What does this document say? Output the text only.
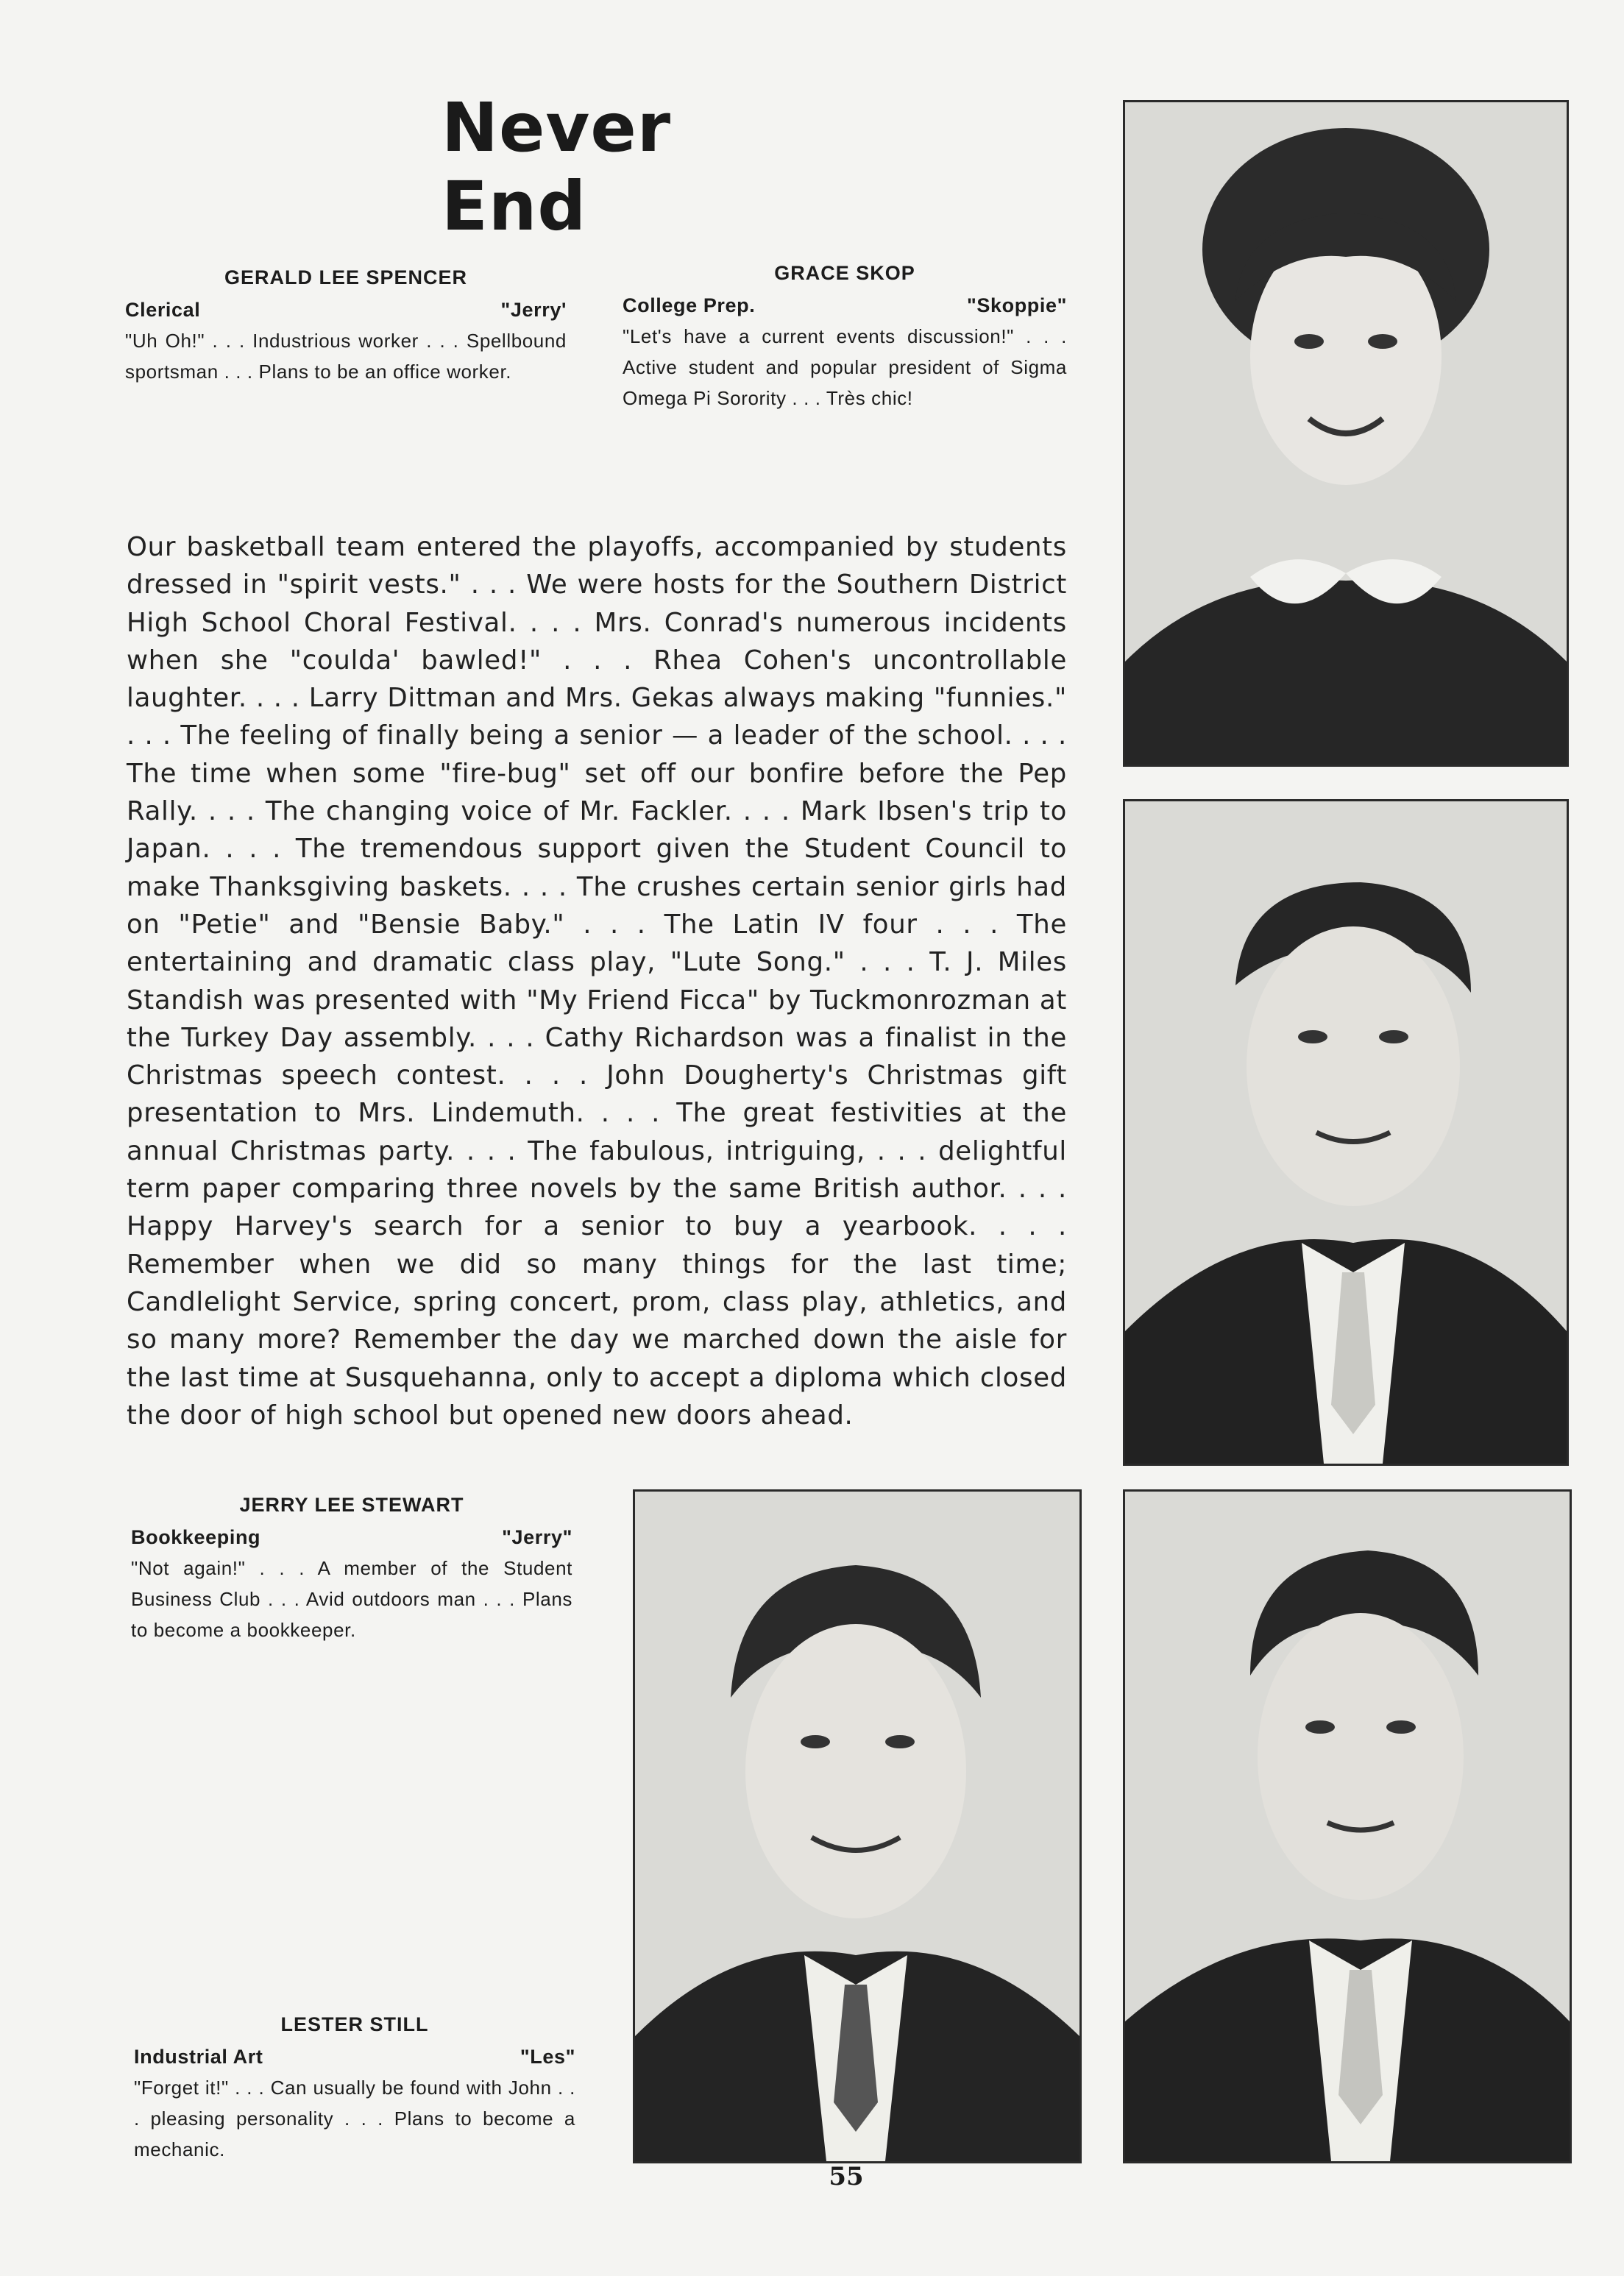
Never End
GERALD LEE SPENCER
Clerical	"Jerry'
"Uh Oh!" . . . Industrious worker . . . Spellbound sportsman . . . Plans to be an office worker.
GRACE SKOP
College Prep.	"Skoppie"
"Let's have a current events discussion!" . . . Active student and popular president of Sigma Omega Pi Sorority . . . Très chic!
Our basketball team entered the playoffs, accompanied by students dressed in "spirit vests." . . . We were hosts for the Southern District High School Choral Festival. . . . Mrs. Conrad's numerous incidents when she "coulda' bawled!" . . . Rhea Cohen's uncontrollable laughter. . . . Larry Dittman and Mrs. Gekas always making "funnies." . . . The feeling of finally being a senior — a leader of the school. . . . The time when some "fire-bug" set off our bonfire before the Pep Rally. . . . The changing voice of Mr. Fackler. . . . Mark Ibsen's trip to Japan. . . . The tremendous support given the Student Council to make Thanksgiving baskets. . . . The crushes certain senior girls had on "Petie" and "Bensie Baby." . . . The Latin IV four . . . The entertaining and dramatic class play, "Lute Song." . . . T. J. Miles Standish was presented with "My Friend Ficca" by Tuckmonrozman at the Turkey Day assembly. . . . Cathy Richardson was a finalist in the Christmas speech contest. . . . John Dougherty's Christmas gift presentation to Mrs. Lindemuth. . . . The great festivities at the annual Christmas party. . . . The fabulous, intriguing, . . . delightful term paper comparing three novels by the same British author. . . . Happy Harvey's search for a senior to buy a yearbook. . . . Remember when we did so many things for the last time; Candlelight Service, spring concert, prom, class play, athletics, and so many more? Remember the day we marched down the aisle for the last time at Susquehanna, only to accept a diploma which closed the door of high school but opened new doors ahead.
JERRY LEE STEWART
Bookkeeping	"Jerry"
"Not again!" . . . A member of the Student Business Club . . . Avid outdoors man . . . Plans to become a bookkeeper.
LESTER STILL
Industrial Art	"Les"
"Forget it!" . . . Can usually be found with John . . . pleasing personality . . . Plans to become a mechanic.
55
